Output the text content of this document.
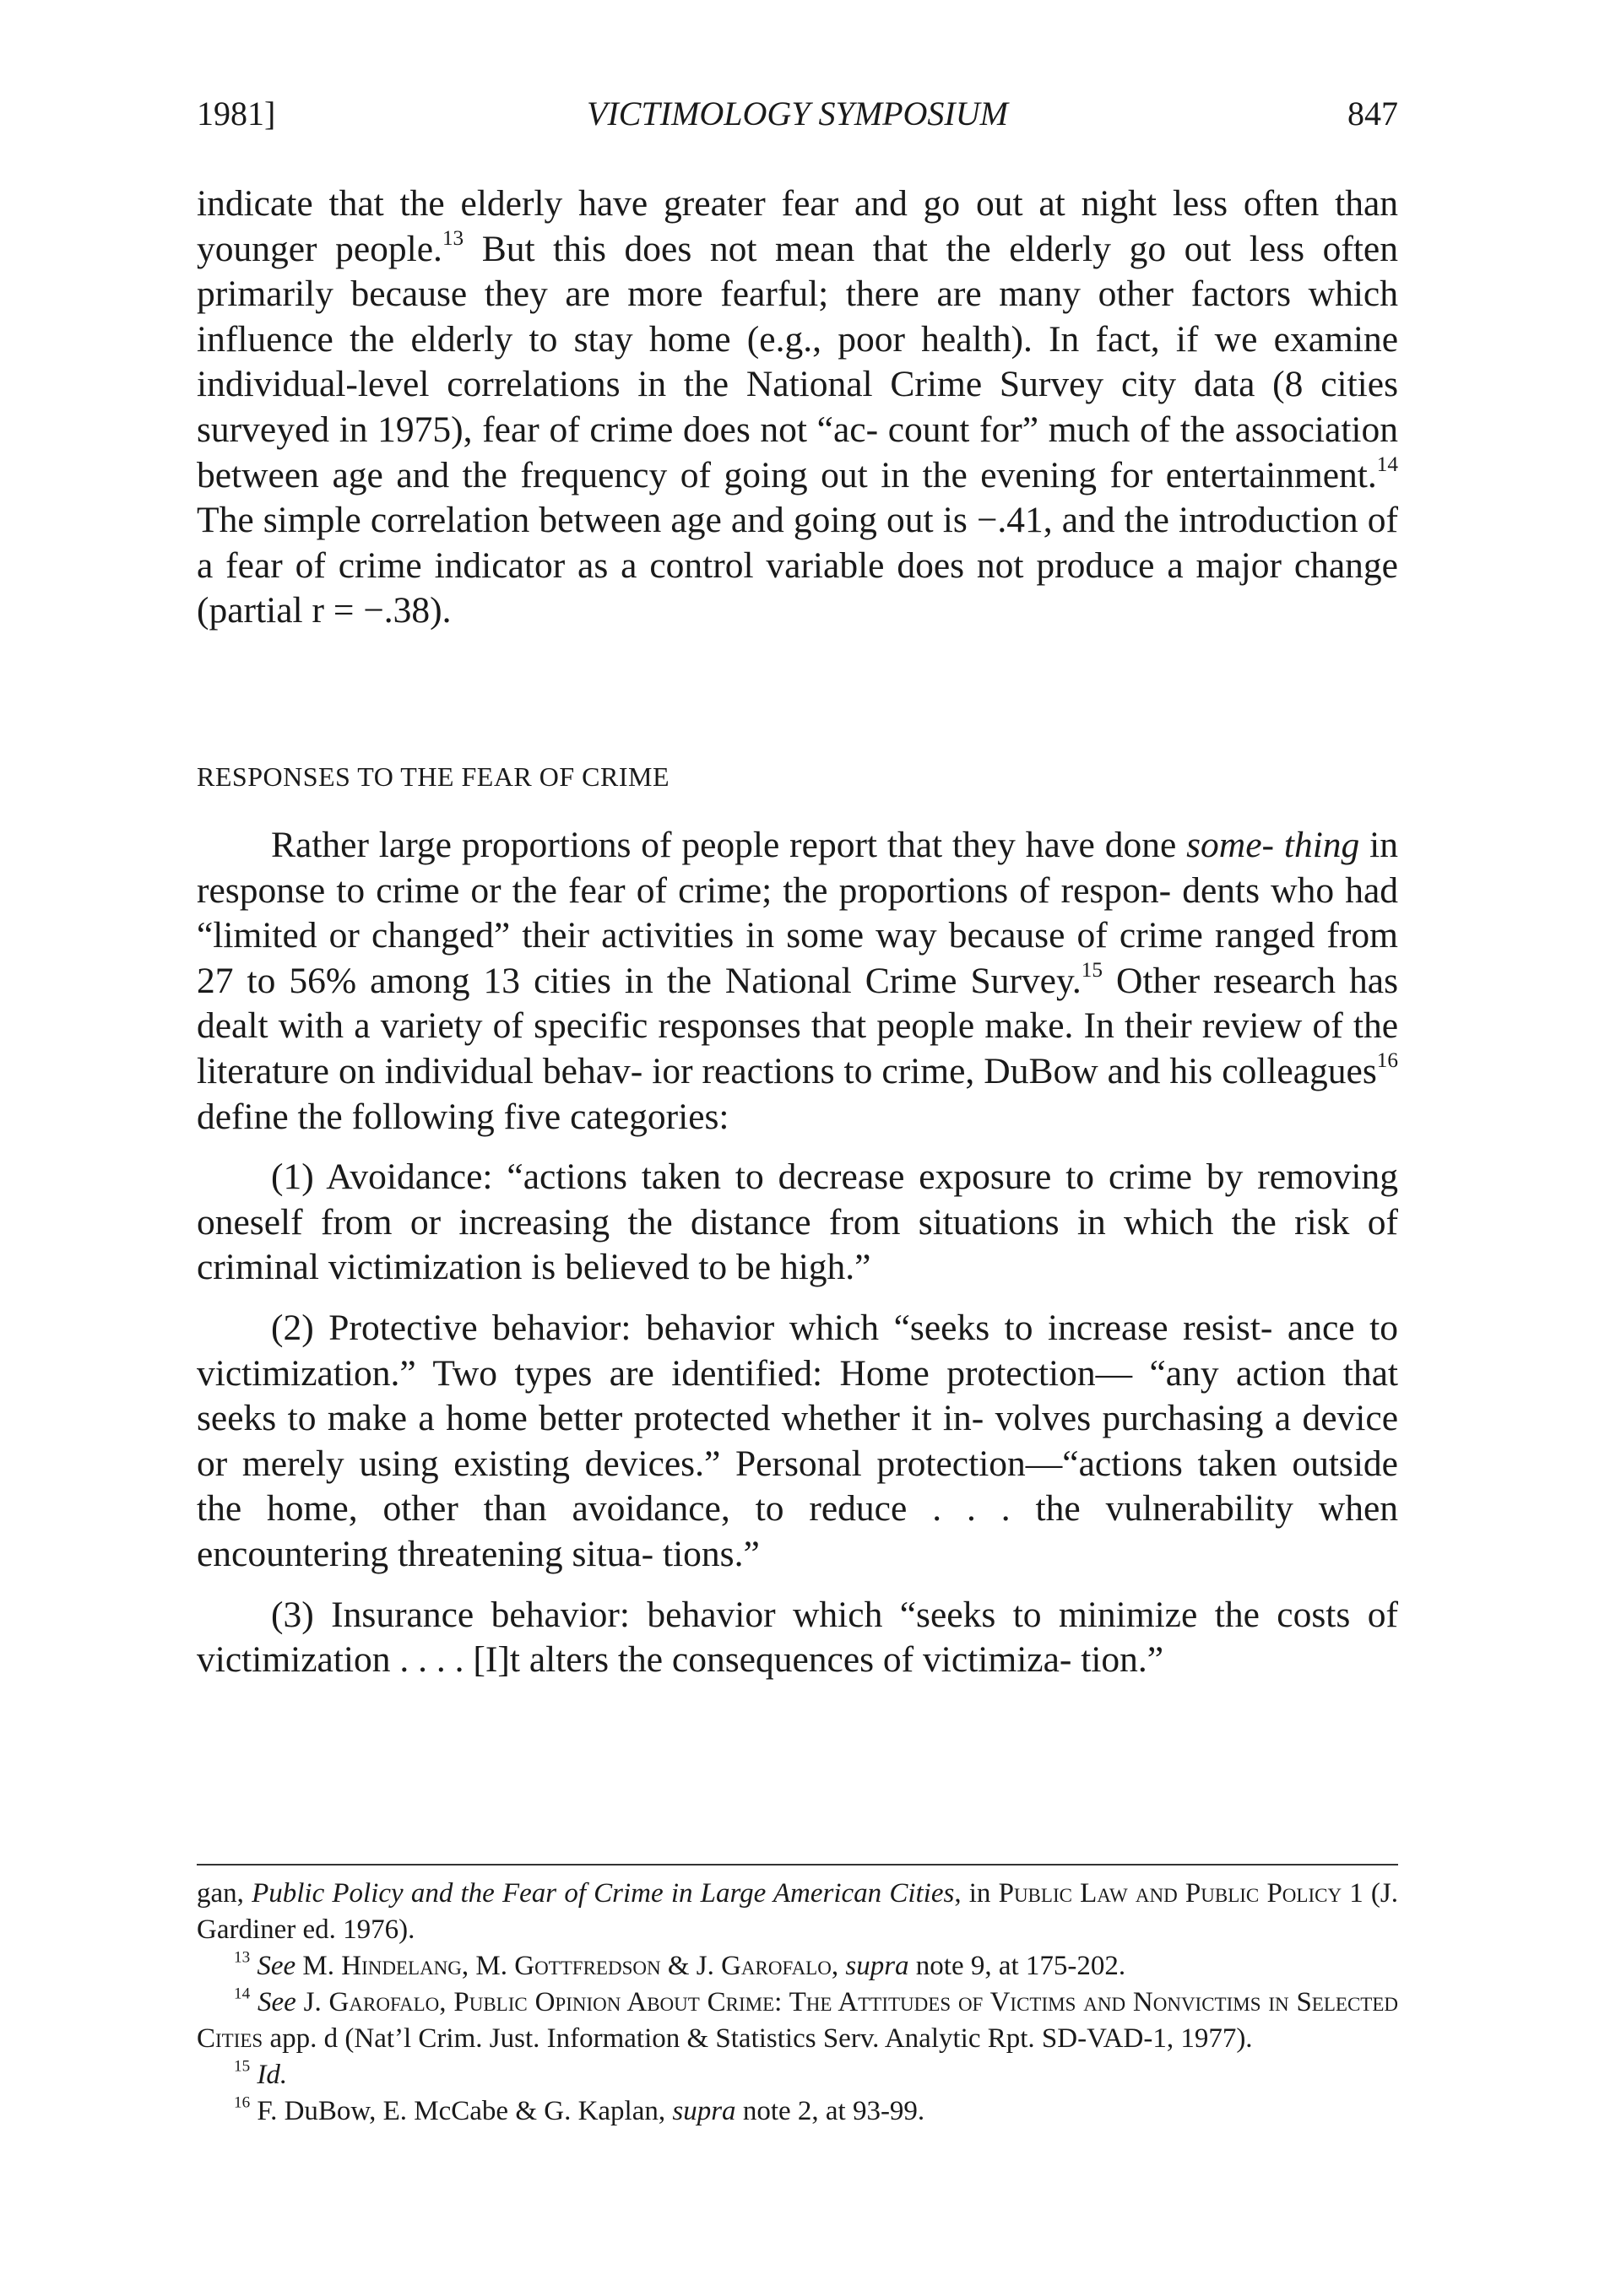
1981]	VICTIMOLOGY SYMPOSIUM	847

indicate that the elderly have greater fear and go out at night less often than younger people.$^{13}$ But this does not mean that the elderly go out less often primarily because they are more fearful; there are many other factors which influence the elderly to stay home (e.g., poor health). In fact, if we examine individual-level correlations in the National Crime Survey city data (8 cities surveyed in 1975), fear of crime does not “ac- count for” much of the association between age and the frequency of going out in the evening for entertainment.$^{14}$ The simple correlation between age and going out is −.41, and the introduction of a fear of crime indicator as a control variable does not produce a major change (partial r = −.38).

RESPONSES TO THE FEAR OF CRIME

Rather large proportions of people report that they have done some- thing in response to crime or the fear of crime; the proportions of respon- dents who had “limited or changed” their activities in some way because of crime ranged from 27 to 56% among 13 cities in the National Crime Survey.$^{15}$ Other research has dealt with a variety of specific responses that people make. In their review of the literature on individual behav- ior reactions to crime, DuBow and his colleagues$^{16}$ define the following five categories:

(1) Avoidance: “actions taken to decrease exposure to crime by removing oneself from or increasing the distance from situations in which the risk of criminal victimization is believed to be high.”

(2) Protective behavior: behavior which “seeks to increase resist- ance to victimization.” Two types are identified: Home protection— “any action that seeks to make a home better protected whether it in- volves purchasing a device or merely using existing devices.” Personal protection—“actions taken outside the home, other than avoidance, to reduce . . . the vulnerability when encountering threatening situa- tions.”

(3) Insurance behavior: behavior which “seeks to minimize the costs of victimization . . . . [I]t alters the consequences of victimiza- tion.”

gan, Public Policy and the Fear of Crime in Large American Cities, in Public Law and Public Policy 1 (J. Gardiner ed. 1976).

$^{13}$ See M. Hindelang, M. Gottfredson & J. Garofalo, supra note 9, at 175-202.

$^{14}$ See J. Garofalo, Public Opinion About Crime: The Attitudes of Victims and Nonvictims in Selected Cities app. d (Nat’l Crim. Just. Information & Statistics Serv. Analytic Rpt. SD-VAD-1, 1977).

$^{15}$ Id.

$^{16}$ F. DuBow, E. McCabe & G. Kaplan, supra note 2, at 93-99.
